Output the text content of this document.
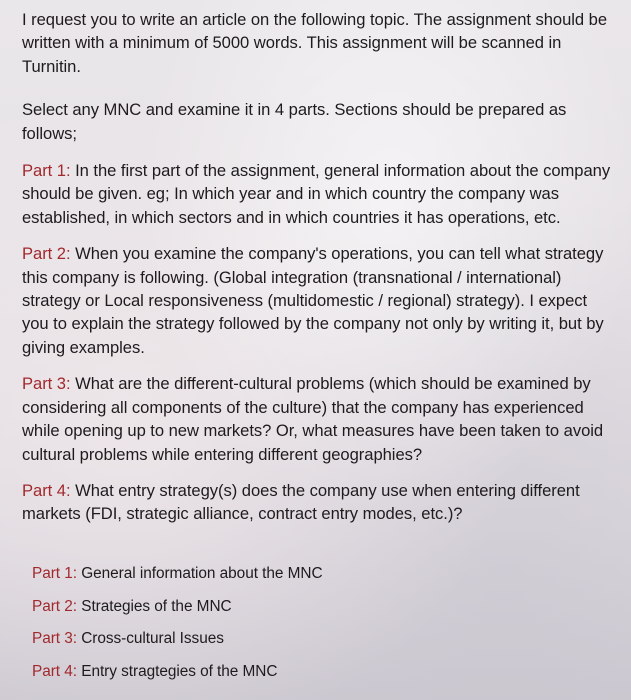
I request you to write an article on the following topic. The assignment should be written with a minimum of 5000 words. This assignment will be scanned in Turnitin.

Select any MNC and examine it in 4 parts. Sections should be prepared as follows;

Part 1: In the first part of the assignment, general information about the company should be given. eg; In which year and in which country the company was established, in which sectors and in which countries it has operations, etc.

Part 2: When you examine the company's operations, you can tell what strategy this company is following. (Global integration (transnational / international) strategy or Local responsiveness (multidomestic / regional) strategy). I expect you to explain the strategy followed by the company not only by writing it, but by giving examples.

Part 3: What are the different-cultural problems (which should be examined by considering all components of the culture) that the company has experienced while opening up to new markets? Or, what measures have been taken to avoid cultural problems while entering different geographies?

Part 4: What entry strategy(s) does the company use when entering different markets (FDI, strategic alliance, contract entry modes, etc.)?

Part 1: General information about the MNC

Part 2: Strategies of the MNC

Part 3: Cross-cultural Issues

Part 4: Entry stragtegies of the MNC
